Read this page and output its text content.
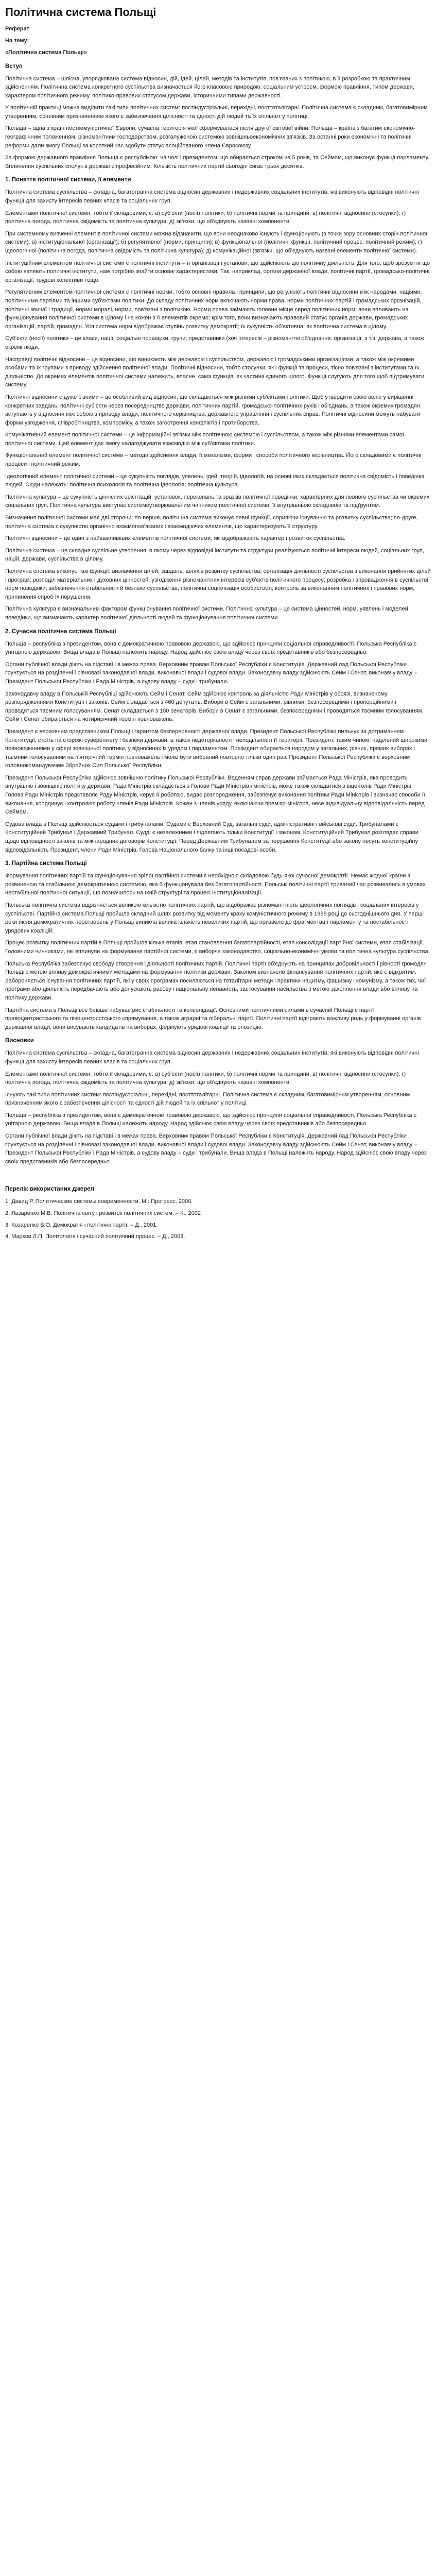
Політична система Польщі
Реферат
На тему:
«Політична система Польщі»
Вступ

Політична система – цілісна, упорядкована система відносин, дій, ідей, цілей, методів та інститутів, пов'язаних з політикою, в її розробкою та практичним здійсненням. Політична система конкретного суспільства визначається його класовою природою, соціальним устроєм, формою правління, типом держави, характером політичного режиму, політико-правових статусом держави, історичними типами державності.

У політичній практиці можна виділити такі типи політичних систем: постіндустріальні, перехідні, посттоталітарні. Політична система є складним, багатовимірним утворенням, основним призначенням якого є забезпечення цілісності та єдності дій людей та їх спільнот у політиці.

Польща – одна з країн посткомуністичної Європи, сучасна територія якої сформувалася після другої світової війни. Польща – країна з багатим економічно-географічним положенням, різноманітним господарством, розгалуженою системою зовнішньоекономічних зв'язків. За останні роки економічні та політичні реформи дали змогу Польщі за короткий час здобути статус асоційованого члена Євросоюзу.

За формою державного правління Польща є республікою: на чолі і президентом, що обирається строком на 5 років, та Сеймом, що виконує функції парламенту. Вплинення суспільних сполук в державі є професійним. Кількість політичних партій сьогодні сягає трьох десятків.

1. Поняття політичної системи, її елементи

Політична система суспільства – складна, багатогранна система відносин державних і недержавних соціальних інститутів, які виконують відповідні політичні функції для захисту інтересів певних класів та соціальних груп.

Елементами політичної системи, тобто її складовими, є: а) суб'єкти (носії) політики; б) політичні норми та принципи; в) політичні відносини (стосунки); г) політична погода, політична свідомість та політична культура; д) зв'язки, що об'єднують названі компоненти.

При системному вивченні елементів політичної системи можна відзначити, що вони неоднаково існують і функціонують (з точки зору основних сторін політичної системи): а) інституціональної (організації); б) регулятивної (норми, принципи); в) функціональної (політичні функції, політичний процес, політичний режим); г) ідеологічної (політична погода, політична свідомість та політична культура); д) комунікаційної (зв'язки, що об'єднують названі елементи політичної системи).

Інституційним елементом політичної системи є політичні інститути – ті організації і установи, що здійснюють цю політичну діяльність. Для того, щоб зрозуміти що собою являють політичні інститути, нам потрібно знайти основні характеристики. Так, наприклад, органи державної влади, політичні партії, громадсько-політичні організації, трудові колективи тощо.

Регулятивним елементом політичної системи є політичні норми, тобто основні правила і принципи, що регулюють політичні відносини між народами, націями, політичними партіями та іншими суб'єктами політики. До складу політичних норм включають норми права, норми політичних партій і громадських організацій, політичні звичаї і традиції, норми моралі, норми, пов'язані з політикою. Норми права займають головне місце серед політичних норм; вони впливають на функціонування політичної системи в цілому і на кожен з її елементів окремо; крім того, вони визначають правовий статус органів держави, громадських організацій, партій, громадян. Уся система норм відображає ступінь розвитку демократії; їх сукупність об'єктивна, як політична система в цілому.

Суб'єкти (носії) політики – це класи, нації, соціальні прошарки, групи; представники (хоч інтересів – різноманітні об'єднання, організації, з т.ч. держава, а також окремі люди.

Насправді політичні відносини – це відносини, що виникають між державою і суспільством, державою і громадськими організаціями, а також між окремими особами та їх групами з приводу здійснення політичної влади. Політичні відносини, тобто стосунки, як і функції та процеси, тісно пов'язані з інститутами та їх діяльністю. До окремих елементів політичної системи належить, власне, сама функція, як частина єдиного цілого. Функції слугують для того щоб підтримувати систему.

Політичні відносини є дуже різними – це особливий вид відносин, що складаються між різними суб'єктами політики. Щоб утвердити свою волю у вирішенні конкретних завдань, політичні суб'єкти через посередництво держави, політичних партій, громадсько-політичних рухів і об'єднань, а також окремих громадян вступають у відносини між собою з приводу влади, політичного керівництва, державного управління і суспільних справ. Політичні відносини можуть набувати форми узгодження, співробітництва, компромісу, а також загострення конфліктів і протиборства.

Комунікативний елемент політичної системи – це інформаційні зв'язки між політичною системою і суспільством, а також між різними елементами самої політичної системи. Цей елемент дає змогу налагоджувати взаємодію між суб'єктами політики.

Функціональний елемент політичної системи – методи здійснення влади, її механізми, форми і способи політичного керівництва. Його складовими є політичні процеси і політичний режим.

Ідеологічний елемент політичної системи – це сукупність поглядів, уявлень, ідей, теорій, ідеологій, на основі яких складається політична свідомість і поведінка людей. Сюди належать: політична психологія та політична ідеологія; політична культура.

Політична культура – це сукупність ціннісних орієнтацій, установок, переконань та зразків політичної поведінки, характерних для певного суспільства чи окремих соціальних груп. Політична культура виступає системоутворювальним чинником політичної системи, її внутрішньою складовою та підґрунтям.

Визначення політичної системи має дві сторони: по-перше, політична система виконує певні функції, сприяючи існуванню та розвитку суспільства; по-друге, політична система є сукупністю органічно взаємопов'язаних і взаємодіючих елементів, що характеризують її структуру.

Політичні відносини – це один з найважливіших елементів політичної системи, які відображають характер і розвиток суспільства.

Політична система – це складне суспільне утворення, в якому через відповідні інститути та структури реалізуються політичні інтереси людей, соціальних груп, націй, держави, суспільства в цілому.

Політична система виконує такі функції: визначення цілей, завдань, шляхів розвитку суспільства; організація діяльності суспільства з виконання прийнятих цілей і програм; розподіл матеріальних і духовних цінностей; узгодження різноманітних інтересів суб'єктів політичного процесу; розробка і впровадження в суспільстві норм поведінки; забезпечення стабільності й безпеки суспільства; політична соціалізація особистості; контроль за виконанням політичних і правових норм, припинення спроб їх порушення.

Політична культура є визначальним фактором функціонування політичної системи. Політична культура – це система цінностей, норм, уявлень і моделей поведінки, що визначають характер політичної діяльності людей та функціонування політичної системи.

2. Сучасна політична система Польщі

Польща – республіка з президентом, вона є демократичною правовою державою, що здійснює принципи соціальної справедливості. Польська Республіка є унітарною державою. Вища влада в Польщі належить народу. Народ здійснює свою владу через своїх представників або безпосередньо.

Органи публічної влади діють на підставі і в межах права. Верховним правом Польської Республіки є Конституція. Державний лад Польської Республіки ґрунтується на розділенні і рівновазі законодавчої влади, виконавчої влади і судової влади. Законодавчу владу здійснюють Сейм і Сенат, виконавчу владу – Президент Польської Республіки і Рада Міністрів, а судову владу – суди і трибунали.

Законодавчу владу в Польській Республіці здійснюють Сейм і Сенат. Сейм здійснює контроль за діяльністю Ради Міністрів у обсязі, визначеному розпорядженнями Конституції і законів. Сейм складається з 460 депутатів. Вибори в Сейм є загальними, рівними, безпосередніми і пропорційними і проводяться таємним голосуванням. Сенат складається з 100 сенаторів. Вибори в Сенат є загальними, безпосередніми і проводяться таємним голосуванням. Сейм і Сенат обираються на чотирирічний термін повноважень.

Президент є верховним представником Польщі і гарантом безперервності державної влади. Президент Польської Республіки пильнує за дотриманням Конституції, стоїть на сторожі суверенітету і безпеки держави, а також недоторканості і неподільності її території. Президент, таким чином, наділений широкими повноваженнями у сфері зовнішньої політики, у відносинах із урядом і парламентом. Президент обирається народом у загальних, рівних, прямих виборах і таємним голосуванням на п'ятирічний термін повноважень і може бути вибраний повторно тільки один раз. Президент Польської Республіки є верховним головнокомандувачем Збройних Сил Польської Республіки.

Президент Польської Республіки здійснює зовнішню політику Польської Республіки. Веденням справ держави займається Рада Міністрів, яка проводить внутрішню і зовнішню політику держави. Рада Міністрів складається з Голови Ради Міністрів і міністрів, може також складатися з віце-голів Ради Міністрів. Голова Ради Міністрів представляє Раду Міністрів, керує її роботою, видає розпорядження, забезпечує виконання політики Ради Міністрів і визначає способи її виконання, координує і контролює роботу членів Ради Міністрів. Кожен з членів уряду, включаючи прем'єр-міністра, несе індивідуальну відповідальність перед Сеймом.

Судова влада в Польщі здійснюється судами і трибуналами. Судами є Верховний Суд, загальні суди, адміністративні і військові суди. Трибуналами є Конституційний Трибунал і Державний Трибунал. Судді є незалежними і підлягають тільки Конституції і законам. Конституційний Трибунал розглядає справи щодо відповідності законів та міжнародних договорів Конституції. Перед Державним Трибуналом за порушення Конституції або закону несуть конституційну відповідальність Президент, члени Ради Міністрів, Голова Національного банку та інші посадові особи.

3. Партійна система Польщі

Формування політичних партій та функціонування зрілої партійної системи є необхідною складовою будь-якої сучасної демократії. Немає жодної країни з розвиненою та стабільною демократичною системою, яка б функціонувала без багатопартійності. Польські політичні партії тривалий час розвивались в умовах нестабільної політичної ситуації, що позначилось на їхній структурі та процесі інституціоналізації.

Польська політична система відрізняється великою кількістю політичних партій, що відображає різноманітність ідеологічних поглядів і соціальних інтересів у суспільстві. Партійна система Польщі пройшла складний шлях розвитку від моменту краху комуністичного режиму в 1989 році до сьогоднішнього дня. У перші роки після демократичних перетворень у Польщі виникла велика кількість невеликих партій, що призвело до фрагментації парламенту та нестабільності урядових коаліцій.

Процес розвитку політичних партій в Польщі пройшов кілька етапів: етап становлення багатопартійності, етап консолідації партійної системи, етап стабілізації. Головними чинниками, які вплинули на формування партійної системи, є виборче законодавство, соціально-економічні умови та політична культура суспільства.

Польська Республіка забезпечує свободу створення і діяльності політичних партій. Політичні партії об'єднують на принципах добровільності і рівності громадян Польщі з метою впливу демократичними методами на формування політики держави. Законом визначено фінансування політичних партій, яке є відкритим. Забороняється існування політичних партій, які у своїх програмах посилаються на тоталітарні методи і практики нацизму, фашизму і комунізму, а також тих, чиї програми або діяльність передбачають або допускають расову і національну ненависть, застосування насильства з метою захоплення влади або впливу на політику держави.

Партійна система в Польщі все більше набуває рис стабільності та консолідації. Основними політичними силами в сучасній Польщі є партії правоцентристського та лівоцентристського спрямування, а також аграрні та ліберальні партії. Політичні партії відіграють важливу роль у формуванні органів державної влади, вони висувають кандидатів на виборах, формують урядові коаліції та опозицію.

Висновки

Політична система суспільства – складна, багатогранна система відносин державних і недержавних соціальних інститутів, які виконують відповідні політичні функції для захисту інтересів певних класів та соціальних груп.

Елементами політичної системи, тобто її складовими, є: а) суб'єкти (носії) політики; б) політичні норми та принципи; в) політичні відносини (стосунки); г) політична погода, політична свідомість та політична культура; д) зв'язки, що об'єднують названі компоненти.

Існують такі типи політичних систем: постіндустріальні, перехідні, посттоталітарні. Політична система є складним, багатовимірним утворенням, основним призначенням якого є забезпечення цілісності та єдності дій людей та їх спільнот у політиці.

Польща – республіка з президентом, вона є демократичною правовою державою, що здійснює принципи соціальної справедливості. Польська Республіка є унітарною державою. Вища влада в Польщі належить народу. Народ здійснює свою владу через своїх представників або безпосередньо.

Органи публічної влади діють на підставі і в межах права. Верховним правом Польської Республіки є Конституція. Державний лад Польської Республіки ґрунтується на розділенні і рівновазі законодавчої влади, виконавчої влади і судової влади. Законодавчу владу здійснюють Сейм і Сенат, виконавчу владу – Президент Польської Республіки і Рада Міністрів, а судову владу – суди і трибунали. Вища влада в Польщі належить народу. Народ здійснює свою владу через своїх представників або безпосередньо.

Перелік використаних джерел
1. Давид Р. Политические системы современности. М.: Прогресс, 2000.
2. Лазаренко М.В. Політична світу і розвиток політичних систем. – К., 2002
3. Козаренко В.О. Демократія і політичні партії. – Д., 2001.
4. Марков Л.П. Політологія і сучасний політичний процес. – Д., 2003.
